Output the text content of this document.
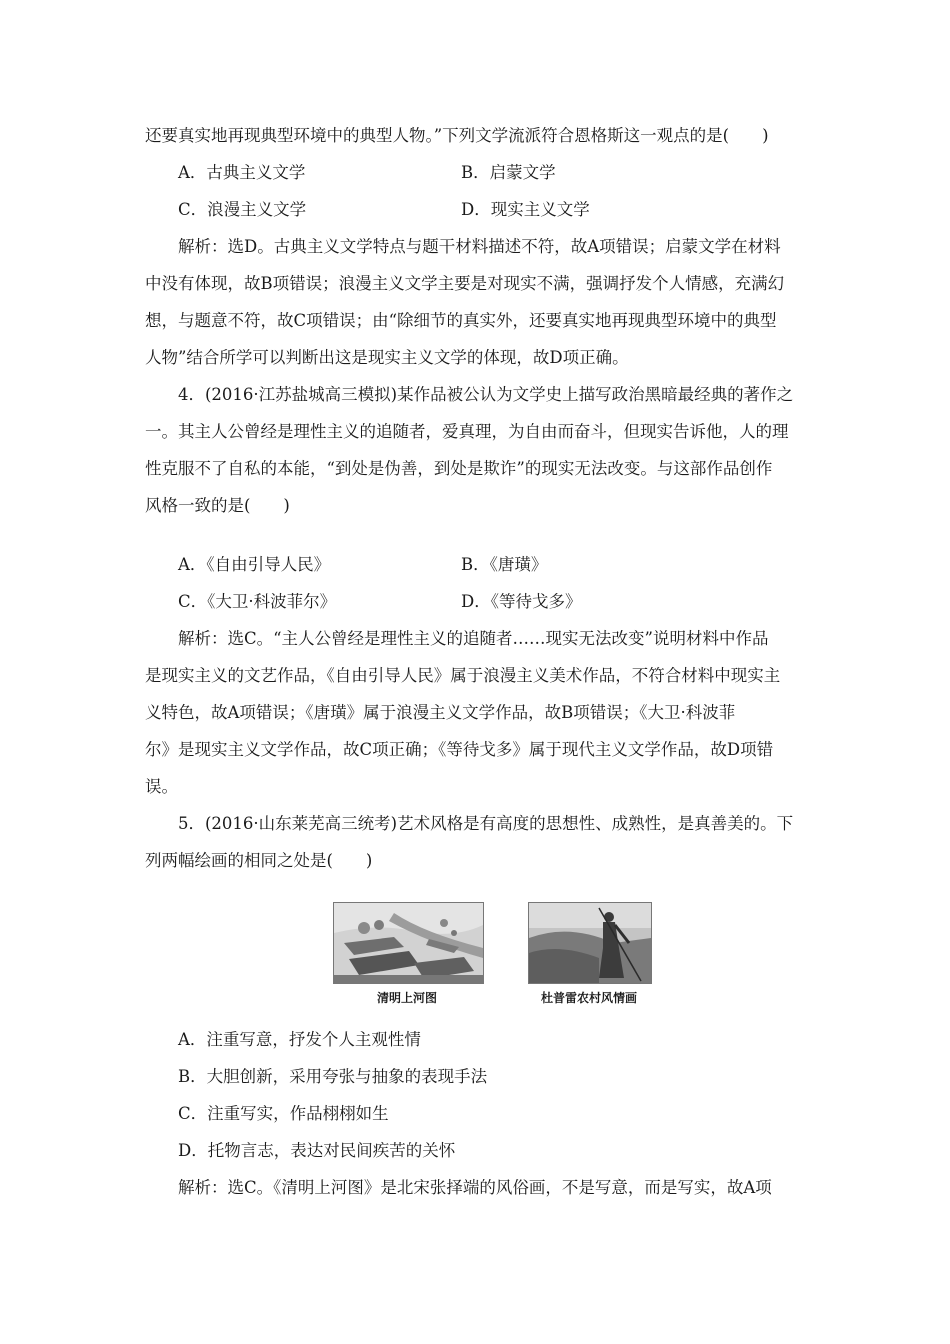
还要真实地再现典型环境中的典型人物。”下列文学流派符合恩格斯这一观点的是(　　)
A．古典主义文学	B．启蒙文学
C．浪漫主义文学	D．现实主义文学
解析：选D。古典主义文学特点与题干材料描述不符，故A项错误；启蒙文学在材料
中没有体现，故B项错误；浪漫主义文学主要是对现实不满，强调抒发个人情感，充满幻
想，与题意不符，故C项错误；由“除细节的真实外，还要真实地再现典型环境中的典型
人物”结合所学可以判断出这是现实主义文学的体现，故D项正确。
4．(2016·江苏盐城高三模拟)某作品被公认为文学史上描写政治黑暗最经典的著作之
一。其主人公曾经是理性主义的追随者，爱真理，为自由而奋斗，但现实告诉他，人的理
性克服不了自私的本能，“到处是伪善，到处是欺诈”的现实无法改变。与这部作品创作
风格一致的是(　　)
A．《自由引导人民》	B．《唐璜》
C．《大卫·科波菲尔》	D．《等待戈多》
解析：选C。“主人公曾经是理性主义的追随者……现实无法改变”说明材料中作品
是现实主义的文艺作品，《自由引导人民》属于浪漫主义美术作品，不符合材料中现实主
义特色，故A项错误；《唐璜》属于浪漫主义文学作品，故B项错误；《大卫·科波菲
尔》是现实主义文学作品，故C项正确；《等待戈多》属于现代主义文学作品，故D项错
误。
5．(2016·山东莱芜高三统考)艺术风格是有高度的思想性、成熟性，是真善美的。下
列两幅绘画的相同之处是(　　)
清明上河图	杜普雷农村风情画
A．注重写意，抒发个人主观性情
B．大胆创新，采用夸张与抽象的表现手法
C．注重写实，作品栩栩如生
D．托物言志，表达对民间疾苦的关怀
解析：选C。《清明上河图》是北宋张择端的风俗画，不是写意，而是写实，故A项
